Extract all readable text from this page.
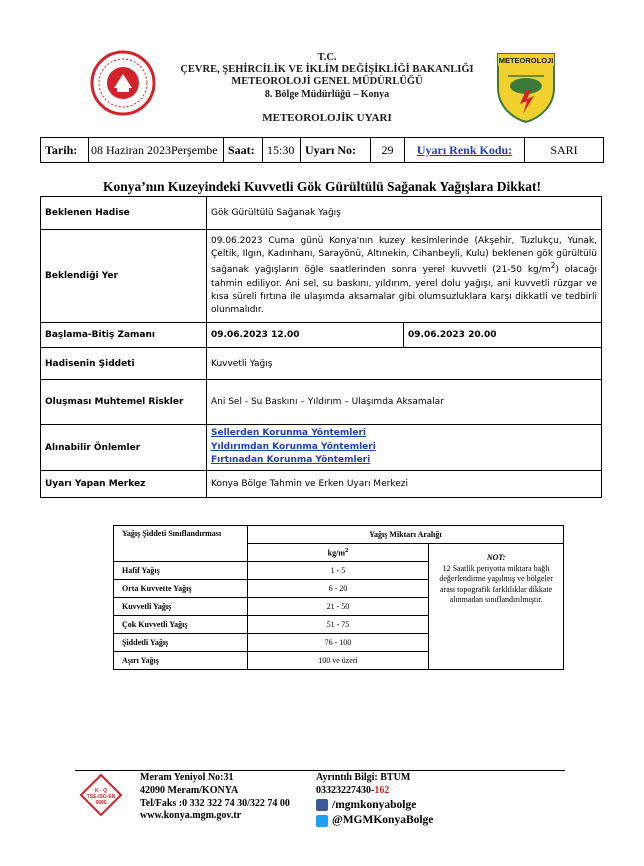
T.C.
ÇEVRE, ŞEHİRCİLİK VE İKLİM DEĞİŞİKLİĞİ BAKANLIĞI
METEOROLOJİ GENEL MÜDÜRLÜĞÜ
8. Bölge Müdürlüğü – Konya
METEOROLOJİK UYARI
METEOROLOJI
Tarih:	08 Haziran 2023Perşembe Saat:	15:30 Uyarı No:	29	Uyarı Renk Kodu:	SARI
Konya’nın Kuzeyindeki Kuvvetli Gök Gürültülü Sağanak Yağışlara Dikkat!
Beklenen Hadise	Gök Gürültülü Sağanak Yağış	
Beklendiği Yer	09.06.2023 Cuma günü Konya'nın kuzey kesimlerinde (Akşehir, Tuzlukçu, Yunak, Çeltik, Ilgın, Kadınhanı, Sarayönü, Altınekin, Cihanbeyli, Kulu) beklenen gök gürültülü sağanak yağışların öğle saatlerinden sonra yerel kuvvetli (21-50 $kg/m^2$) olacağı tahmin ediliyor. Ani sel, su baskını, yıldırım, yerel dolu yağışı, ani kuvvetli rüzgar ve kısa süreli fırtına ile ulaşımda aksamalar gibi olumsuzluklara karşı dikkatli ve tedbirli olunmalıdır.	
Başlama-Bitiş Zamanı	09.06.2023 12.00	09.06.2023 20.00
Hadisenin Şiddeti	Kuvvetli Yağış	
Oluşması Muhtemel Riskler	Ani Sel - Su Baskını – Yıldırım – Ulaşımda Aksamalar	
Alınabilir Önlemler	Sellerden Korunma Yöntemleri
Yıldırımdan Korunma Yöntemleri
Fırtınadan Korunma Yöntemleri	

Uyarı Yapan Merkez	Konya Bölge Tahmin ve Erken Uyarı Merkezi	
Yağış Şiddeti Sınıflandırması	Yağış Miktarı Aralığı	
	$kg/m^2$	NOT:
12 Saatlik periyotta miktara bağlı değerlendirme yapılmış ve bölgeler arası topografik farklılıklar dikkate alınmadan sınıflandırılmıştır.

Hafif Yağış	1 - 5	
Orta Kuvvette Yağış	6 - 20	
Kuvvetli Yağış	21 - 50	
Çok Kuvvetli Yağış	51 - 75	
Şiddetli Yağış	76 - 100	
Aşırı Yağış	100 ve üzeri	
K - Q
TSE-ISO-EN
9000
Meram Yeniyol No:31
42090 Meram/KONYA
Tel/Faks :0 332 322 74 30/322 74 00
www.konya.mgm.gov.tr
Ayrıntılı Bilgi: BTUM
03323227430-162
/mgmkonyabolge
@MGMKonyaBolge
